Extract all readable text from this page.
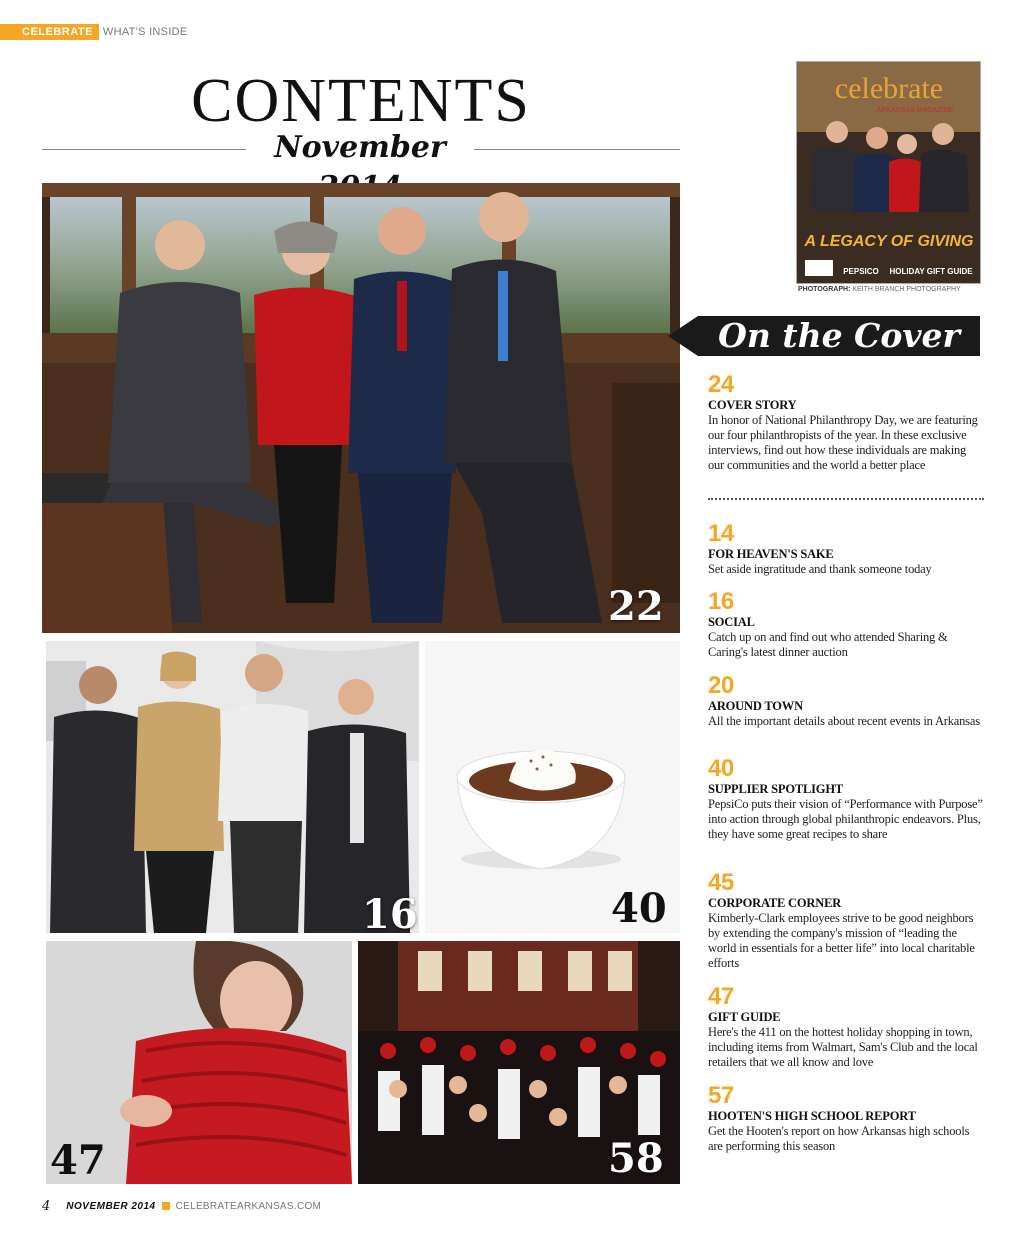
CELEBRATE WHAT'S INSIDE
CONTENTS
November
22
16	40
47	58
celebrate
ARKANSAS MAGAZINE
A LEGACY OF GIVING
PEPSICO HOLIDAY GIFT GUIDE
PHOTOGRAPH: KEITH BRANCH PHOTOGRAPHY
On the Cover
24
COVER STORY
In honor of National Philanthropy Day, we are featuring our four philanthropists of the year. In these exclusive interviews, find out how these individuals are making our communities and the world a better place
14
FOR HEAVEN'S SAKE
Set aside ingratitude and thank someone today
16
SOCIAL
Catch up on and find out who attended Sharing & Caring's latest dinner auction
20
AROUND TOWN
All the important details about recent events in Arkansas
40
SUPPLIER SPOTLIGHT
PepsiCo puts their vision of “Performance with Purpose” into action through global philanthropic endeavors. Plus, they have some great recipes to share
45
CORPORATE CORNER
Kimberly-Clark employees strive to be good neighbors by extending the company's mission of “leading the world in essentials for a better life” into local charitable efforts
47
GIFT GUIDE
Here's the 411 on the hottest holiday shopping in town, including items from Walmart, Sam's Club and the local retailers that we all know and love
57
HOOTEN'S HIGH SCHOOL REPORT
Get the Hooten's report on how Arkansas high schools are performing this season
4 NOVEMBER 2014 CELEBRATEARKANSAS.COM
